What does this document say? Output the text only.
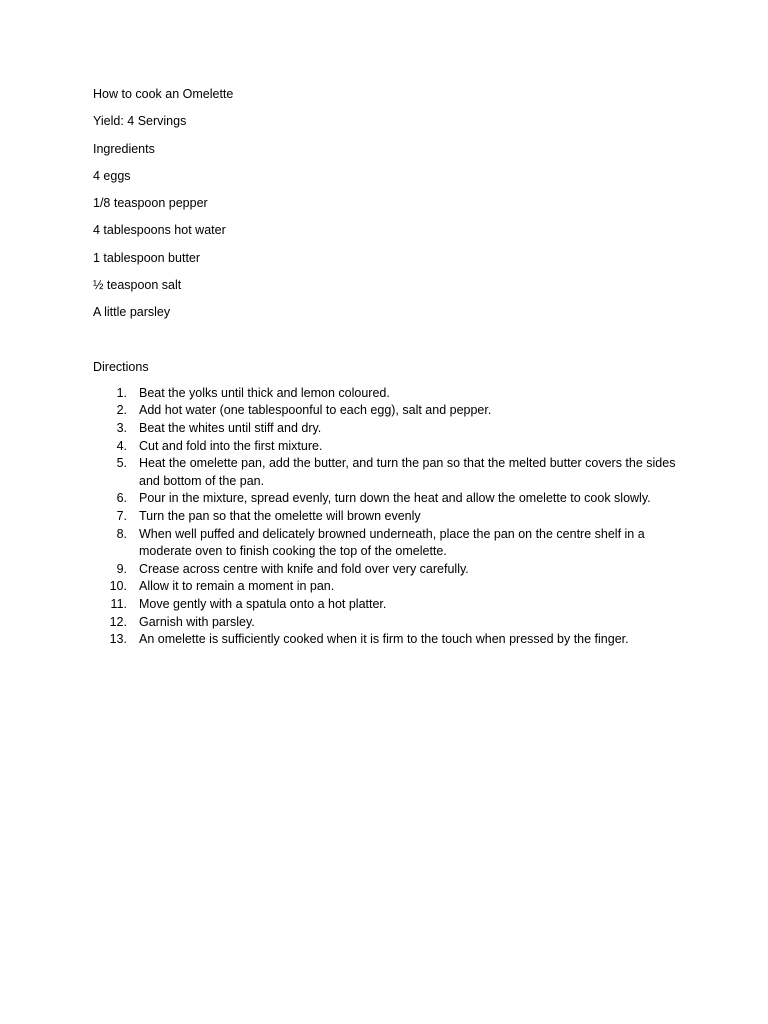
How to cook an Omelette

Yield: 4 Servings

Ingredients

4 eggs

1/8 teaspoon pepper

4 tablespoons hot water

1 tablespoon butter

½ teaspoon salt

A little parsley

Directions

1. Beat the yolks until thick and lemon coloured.
2. Add hot water (one tablespoonful to each egg), salt and pepper.
3. Beat the whites until stiff and dry.
4. Cut and fold into the first mixture.
5. Heat the omelette pan, add the butter, and turn the pan so that the melted butter covers the sides and bottom of the pan.
6. Pour in the mixture, spread evenly, turn down the heat and allow the omelette to cook slowly.
7. Turn the pan so that the omelette will brown evenly
8. When well puffed and delicately browned underneath, place the pan on the centre shelf in a moderate oven to finish cooking the top of the omelette.
9. Crease across centre with knife and fold over very carefully.
10. Allow it to remain a moment in pan.
11. Move gently with a spatula onto a hot platter.
12. Garnish with parsley.
13. An omelette is sufficiently cooked when it is firm to the touch when pressed by the finger.
